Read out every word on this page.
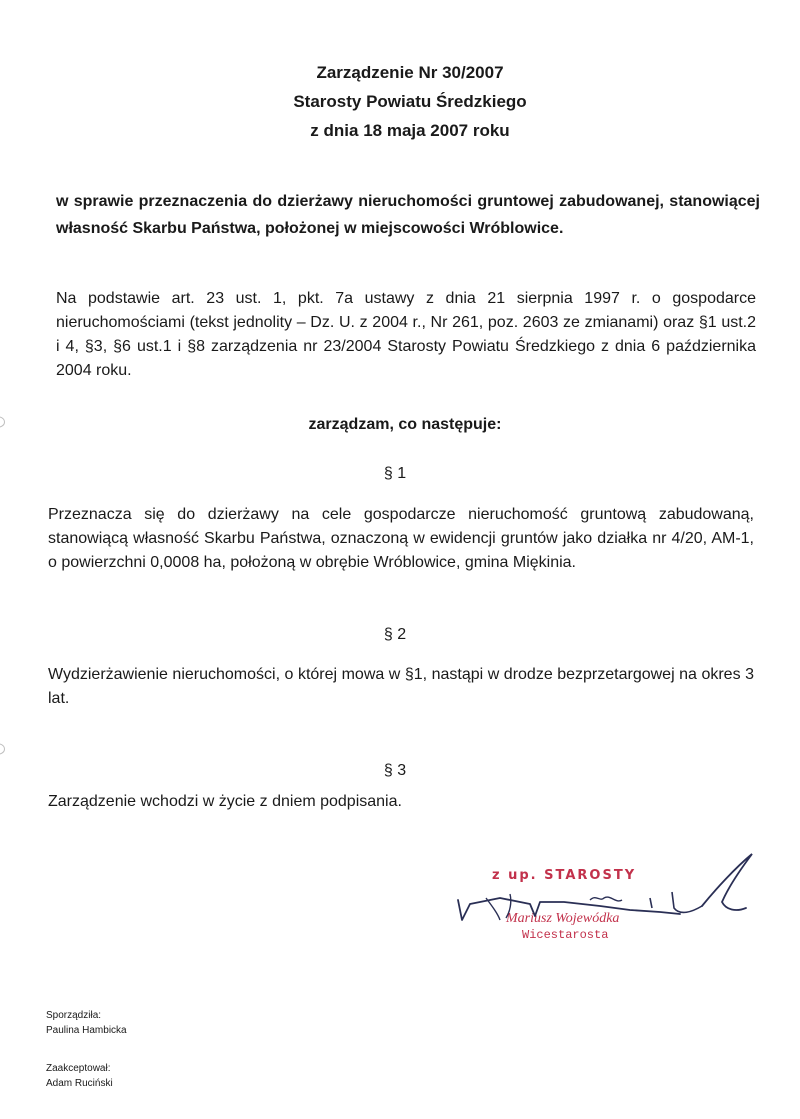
Zarządzenie Nr 30/2007
Starosty Powiatu Średzkiego
z dnia 18 maja 2007 roku
w sprawie przeznaczenia do dzierżawy nieruchomości gruntowej zabudowanej, stanowiącej własność Skarbu Państwa, położonej w miejscowości Wróblowice.
Na podstawie art. 23 ust. 1, pkt. 7a ustawy z dnia 21 sierpnia 1997 r. o gospodarce nieruchomościami (tekst jednolity – Dz. U. z 2004 r., Nr 261, poz. 2603 ze zmianami) oraz §1 ust.2 i 4, §3, §6 ust.1 i §8 zarządzenia nr 23/2004 Starosty Powiatu Średzkiego z dnia 6 października 2004 roku.
zarządzam, co następuje:
§ 1
Przeznacza się do dzierżawy na cele gospodarcze nieruchomość gruntową zabudowaną, stanowiącą własność Skarbu Państwa, oznaczoną w ewidencji gruntów jako działka nr 4/20, AM-1, o powierzchni 0,0008 ha, położoną w obrębie Wróblowice, gmina Miękinia.
§ 2
Wydzierżawienie nieruchomości, o której mowa w §1, nastąpi w drodze bezprzetargowej na okres 3 lat.
§ 3
Zarządzenie wchodzi w życie z dniem podpisania.
z up. STAROSTY
Mariusz Wojewódka
Wicestarosta
Sporządziła:
Paulina Hambicka
Zaakceptował:
Adam Ruciński
